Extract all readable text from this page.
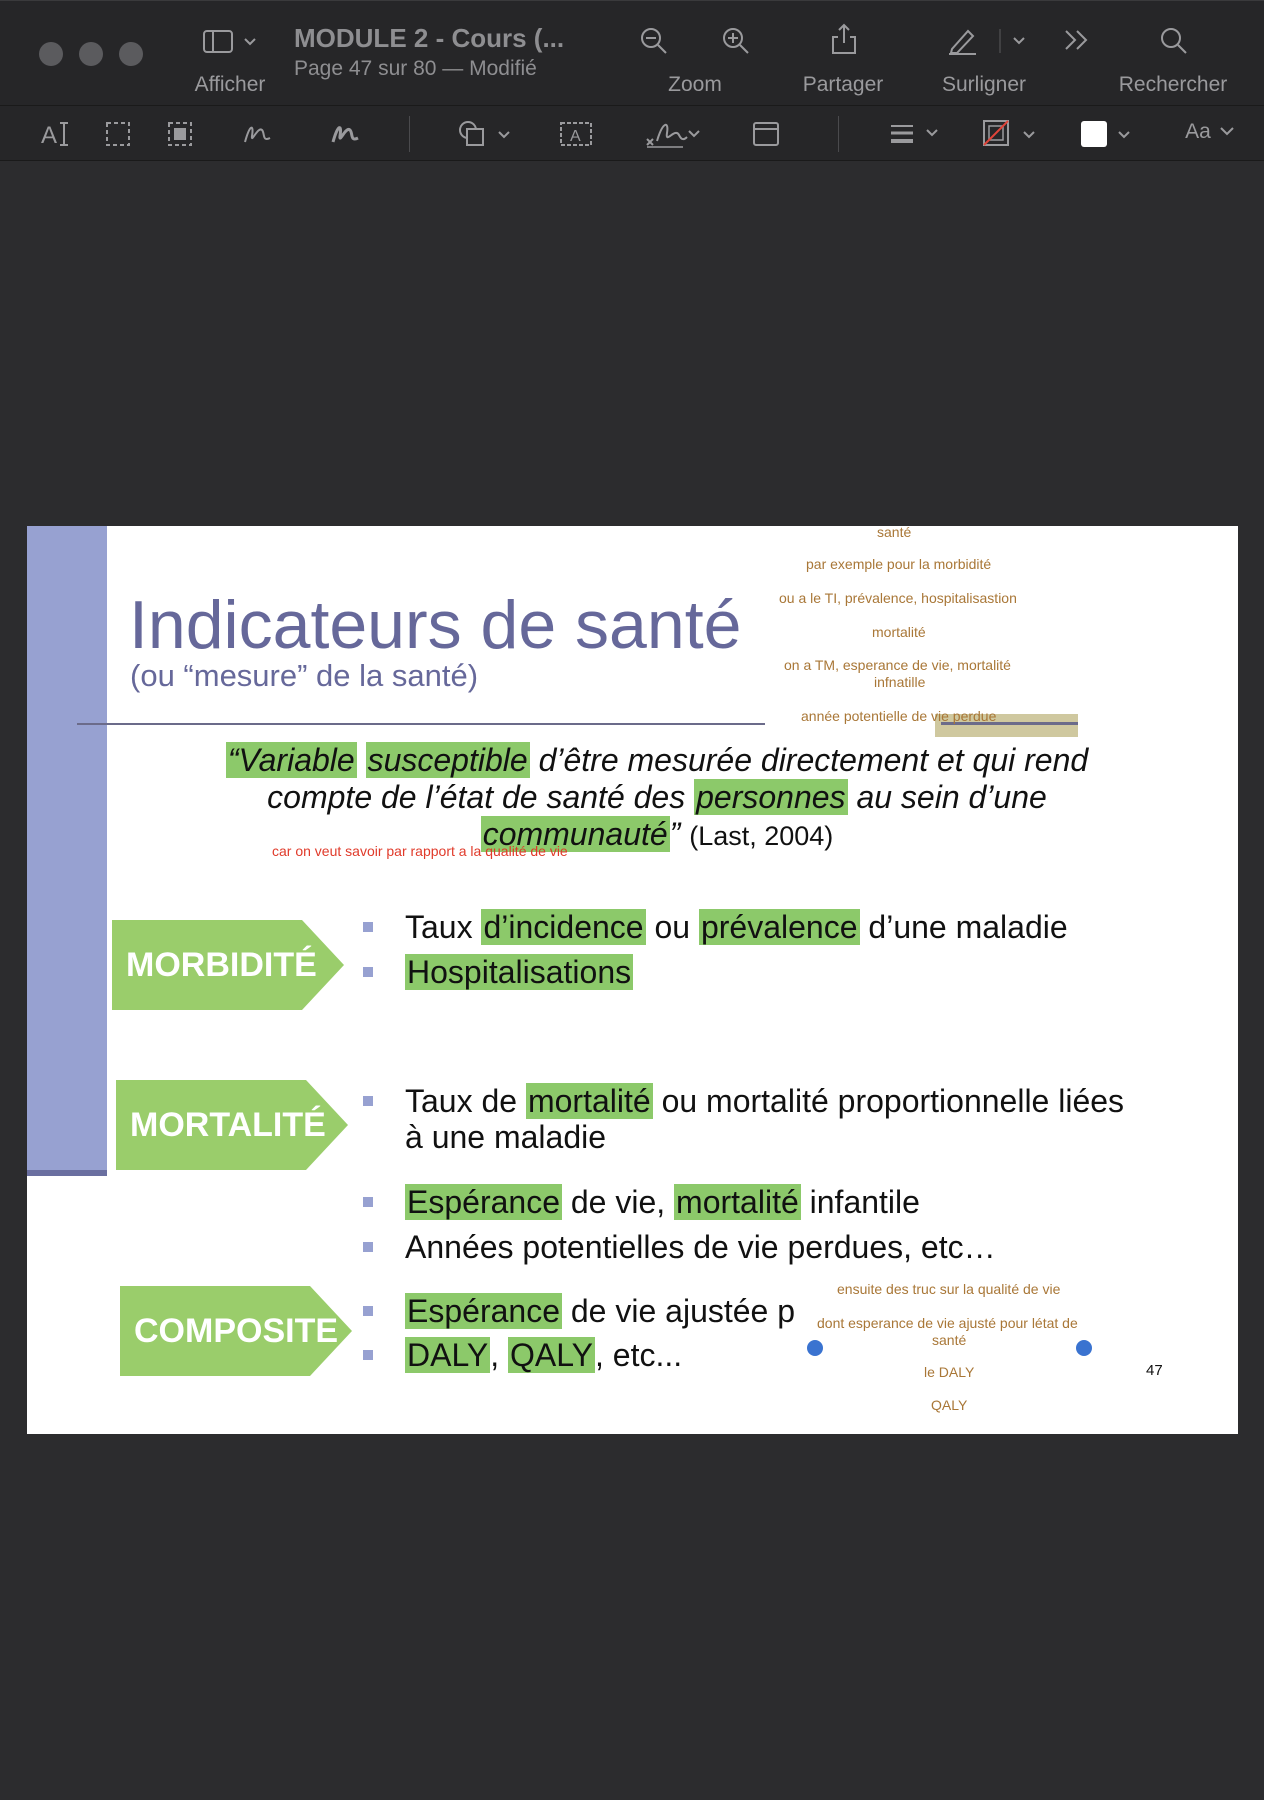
Afficher
MODULE 2 - Cours (...
Page 47 sur 80 — Modifié
Zoom	Partager	Surligner	Rechercher
A	A	Aa
Indicateurs de santé
(ou “mesure” de la santé)
santé
par exemple pour la morbidité
ou a le TI, prévalence, hospitalisastion
mortalité
on a TM, esperance de vie, mortalité
infnatille
année potentielle de vie perdue
“Variable susceptible d’être mesurée directement et qui rend compte de l’état de santé des personnes au sein d’une communauté” (Last, 2004)
car on veut savoir par rapport a la qualité de vie
MORBIDITÉ
Taux d’incidence ou prévalence d’une maladie
Hospitalisations
MORTALITÉ
Taux de mortalité ou mortalité proportionnelle liées
à une maladie
Espérance de vie, mortalité infantile
Années potentielles de vie perdues, etc…
COMPOSITE
Espérance de vie ajustée p
DALY, QALY, etc...
ensuite des truc sur la qualité de vie
dont esperance de vie ajusté pour létat de
santé
le DALY
QALY
47
